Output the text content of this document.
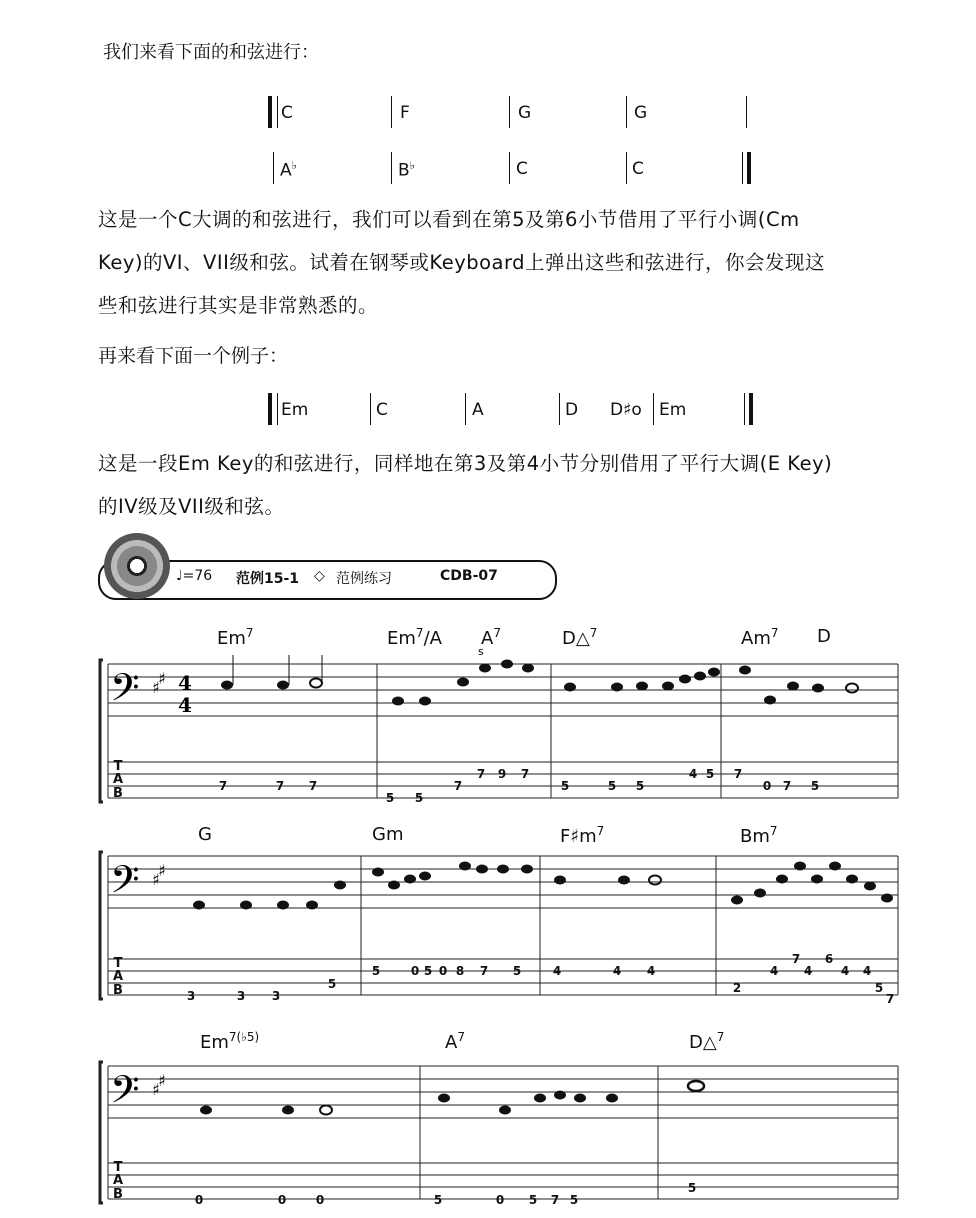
我们来看下面的和弦进行：
C	F	G	G
A♭	B♭	C	C
这是一个C大调的和弦进行，我们可以看到在第5及第6小节借用了平行小调(Cm
Key)的VI、VII级和弦。试着在钢琴或Keyboard上弹出这些和弦进行，你会发现这
些和弦进行其实是非常熟悉的。
再来看下面一个例子：
Em	C	A	D D♯o Em
这是一段Em Key的和弦进行，同样地在第3及第4小节分别借用了平行大调(E Key)
的IV级及VII级和弦。
♩=76 范例15-1 ◇ 范例练习	CDB-07
Em$^7$	Em$^7$/A $A^7$	D△$^7$	Am$^7$ D
𝄢 ♯
♯ 4
4
s
7	7 7
5 5
7
7 9 7
5	5 5
4 5 7
0 7 5
T
A
B
G	Gm	$F♯m^7$	Bm$^7$
𝄢 ♯
♯
3	3 3
5
5	0 5 0 8 7 5	4	4 4
2
4
7
4
6
4 4
5
7
T
A
B
$Em^{7(♭5)}$	$A^7$	D△$^7$
𝄢 ♯
♯
0	0 0	5	0 5 7 5
5
T
A
B
